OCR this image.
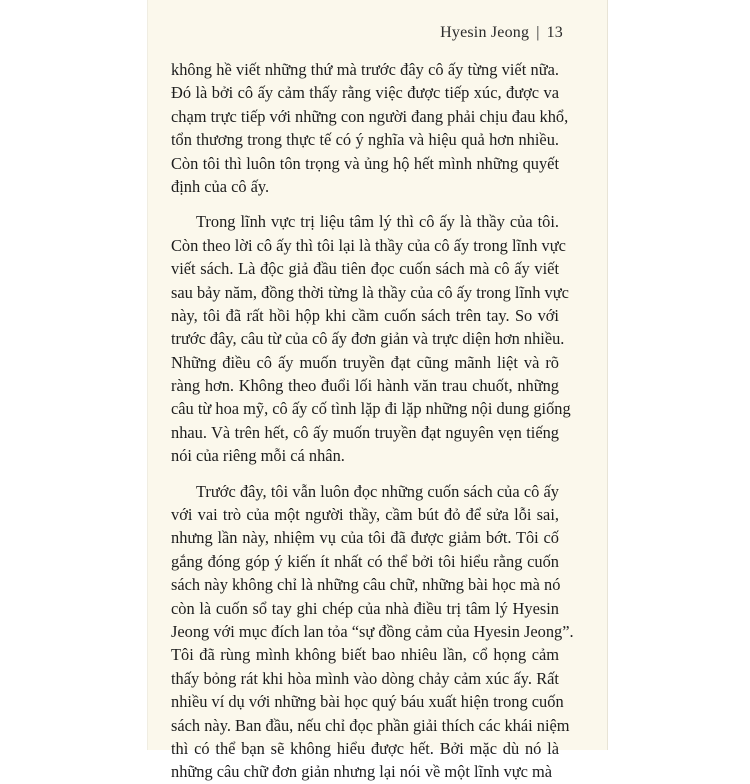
Hyesin Jeong | 13
không hề viết những thứ mà trước đây cô ấy từng viết nữa.
Đó là bởi cô ấy cảm thấy rằng việc được tiếp xúc, được va
chạm trực tiếp với những con người đang phải chịu đau khổ,
tổn thương trong thực tế có ý nghĩa và hiệu quả hơn nhiều.
Còn tôi thì luôn tôn trọng và ủng hộ hết mình những quyết
định của cô ấy.
Trong lĩnh vực trị liệu tâm lý thì cô ấy là thầy của tôi.
Còn theo lời cô ấy thì tôi lại là thầy của cô ấy trong lĩnh vực
viết sách. Là độc giả đầu tiên đọc cuốn sách mà cô ấy viết
sau bảy năm, đồng thời từng là thầy của cô ấy trong lĩnh vực
này, tôi đã rất hồi hộp khi cầm cuốn sách trên tay. So với
trước đây, câu từ của cô ấy đơn giản và trực diện hơn nhiều.
Những điều cô ấy muốn truyền đạt cũng mãnh liệt và rõ
ràng hơn. Không theo đuổi lối hành văn trau chuốt, những
câu từ hoa mỹ, cô ấy cố tình lặp đi lặp những nội dung giống
nhau. Và trên hết, cô ấy muốn truyền đạt nguyên vẹn tiếng
nói của riêng mỗi cá nhân.
Trước đây, tôi vẫn luôn đọc những cuốn sách của cô ấy
với vai trò của một người thầy, cầm bút đỏ để sửa lỗi sai,
nhưng lần này, nhiệm vụ của tôi đã được giảm bớt. Tôi cố
gắng đóng góp ý kiến ít nhất có thể bởi tôi hiểu rằng cuốn
sách này không chỉ là những câu chữ, những bài học mà nó
còn là cuốn sổ tay ghi chép của nhà điều trị tâm lý Hyesin
Jeong với mục đích lan tỏa “sự đồng cảm của Hyesin Jeong”.
Tôi đã rùng mình không biết bao nhiêu lần, cổ họng cảm
thấy bỏng rát khi hòa mình vào dòng chảy cảm xúc ấy. Rất
nhiều ví dụ với những bài học quý báu xuất hiện trong cuốn
sách này. Ban đầu, nếu chỉ đọc phần giải thích các khái niệm
thì có thể bạn sẽ không hiểu được hết. Bởi mặc dù nó là
những câu chữ đơn giản nhưng lại nói về một lĩnh vực mà
